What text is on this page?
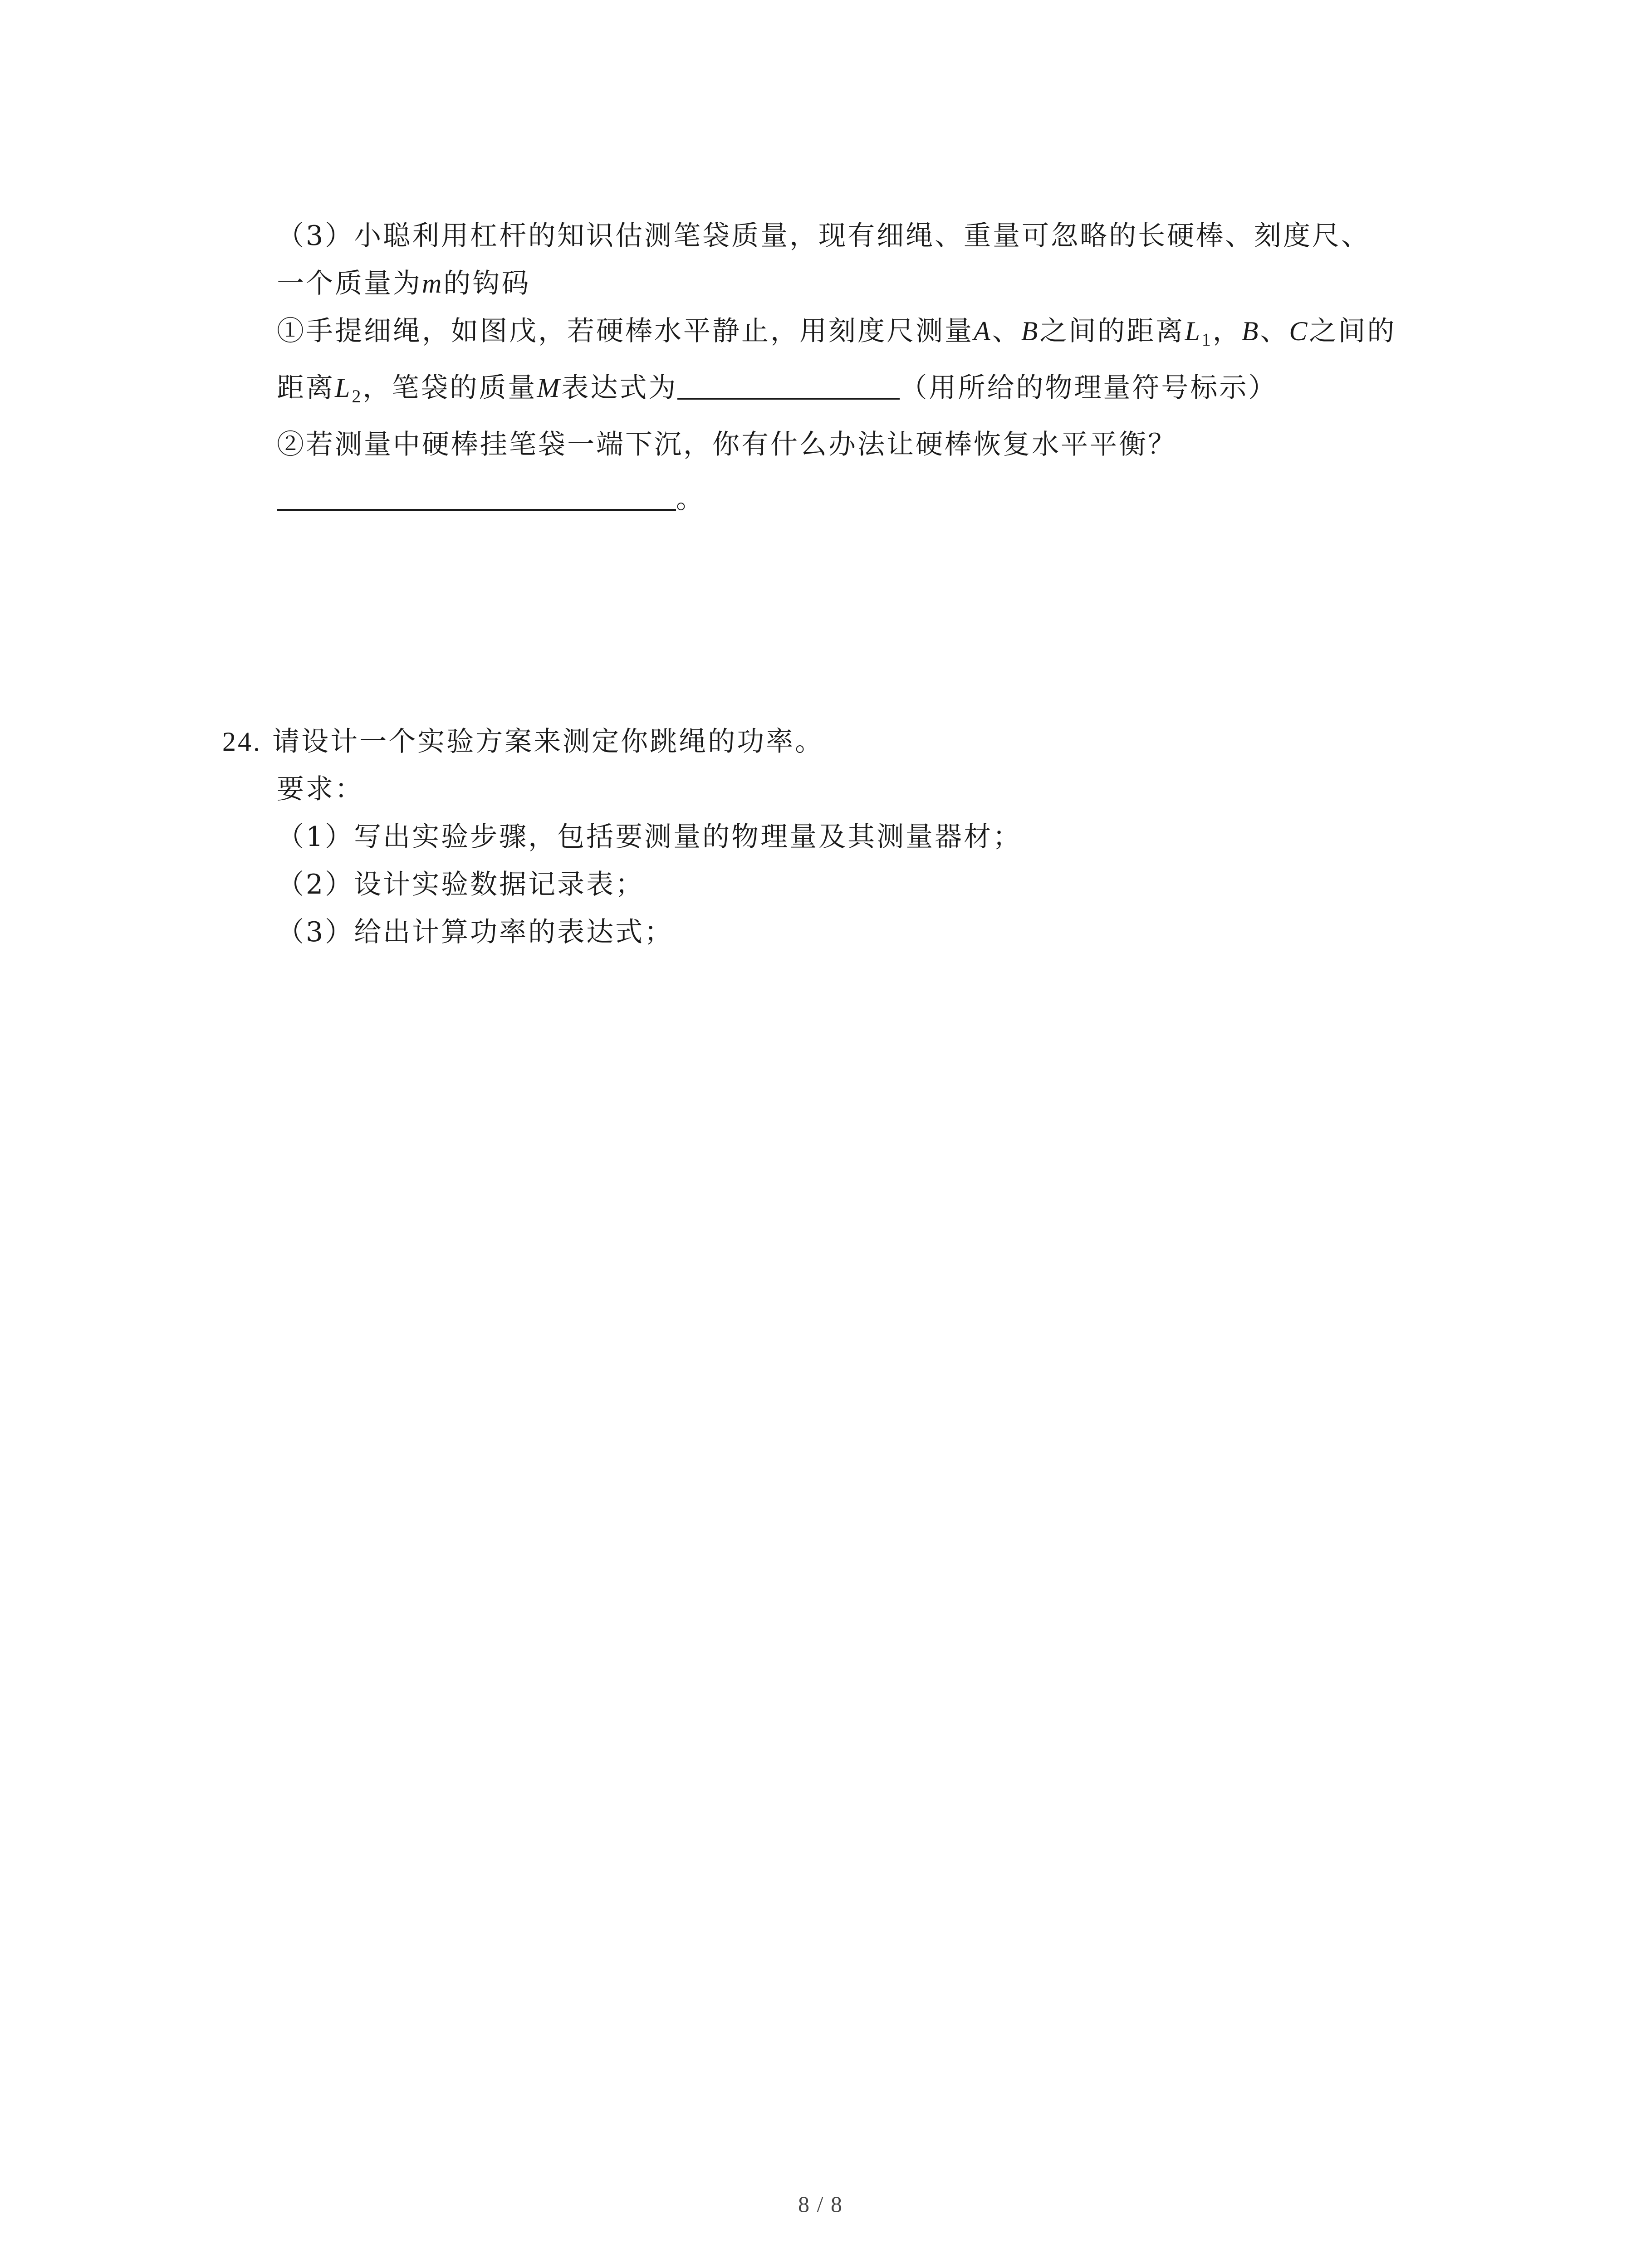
（3）小聪利用杠杆的知识估测笔袋质量，现有细绳、重量可忽略的长硬棒、刻度尺、
一个质量为m的钩码
①手提细绳，如图戊，若硬棒水平静止，用刻度尺测量A、B之间的距离$L_1$，B、C之间的
距离$L_2$，笔袋的质量M表达式为	（用所给的物理量符号标示）
②若测量中硬棒挂笔袋一端下沉，你有什么办法让硬棒恢复水平平衡？
。
24. 请设计一个实验方案来测定你跳绳的功率。
要求：
（1）写出实验步骤，包括要测量的物理量及其测量器材；
（2）设计实验数据记录表；
（3）给出计算功率的表达式；
8 / 8
